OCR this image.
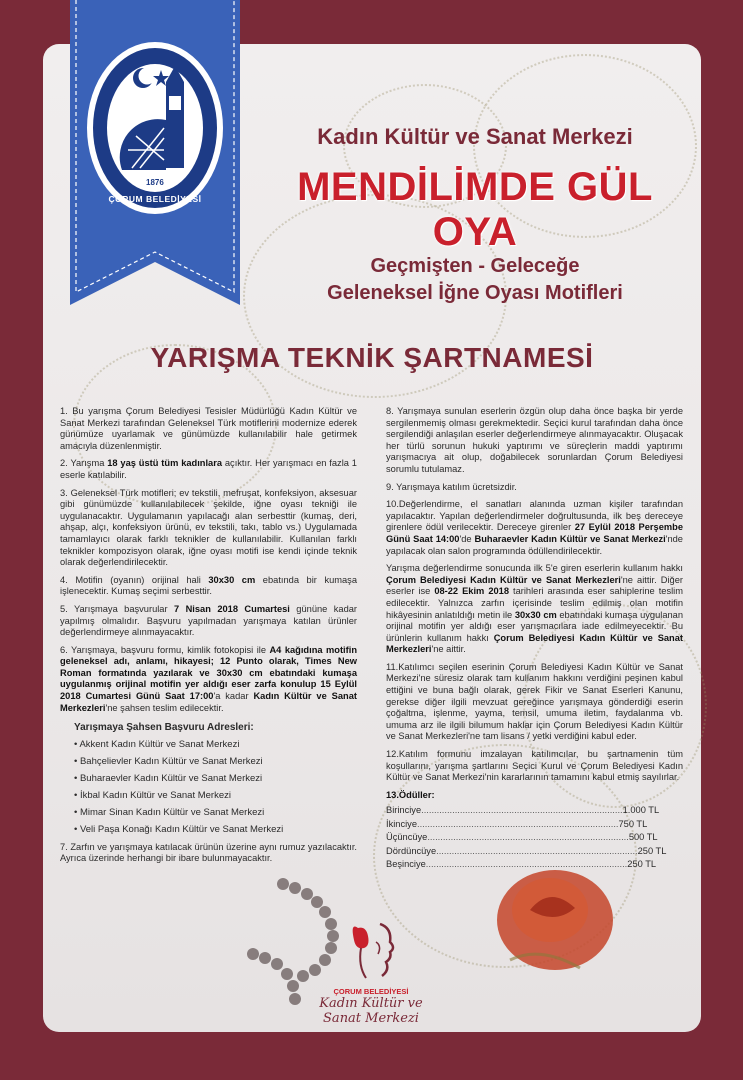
1876
ÇORUM BELEDİYESİ
Kadın Kültür ve Sanat Merkezi
MENDİLİMDE GÜL OYA
Geçmişten - Geleceğe
Geleneksel İğne Oyası Motifleri
YARIŞMA TEKNİK ŞARTNAMESİ

1. Bu yarışma Çorum Belediyesi Tesisler Müdürlüğü Kadın Kültür ve Sanat Merkezi tarafından Geleneksel Türk motiflerini modernize ederek günümüze uyarlamak ve günümüzde kullanılabilir hale getirmek amacıyla düzenlenmiştir.

2. Yarışma 18 yaş üstü tüm kadınlara açıktır. Her yarışmacı en fazla 1 eserle katılabilir.

3. Geleneksel Türk motifleri; ev tekstili, mefruşat, konfeksiyon, aksesuar gibi günümüzde kullanılabilecek şekilde, iğne oyası tekniği ile uygulanacaktır. Uygulamanın yapılacağı alan serbesttir (kumaş, deri, ahşap, alçı, konfeksiyon ürünü, ev tekstili, takı, tablo vs.) Uygulamada tamamlayıcı olarak farklı teknikler de kullanılabilir. Kullanılan farklı teknikler kompozisyon olarak, iğne oyası motifi ise kendi içinde teknik olarak değerlendirilecektir.

4. Motifin (oyanın) orijinal hali 30x30 cm ebatında bir kumaşa işlenecektir. Kumaş seçimi serbesttir.

5. Yarışmaya başvurular 7 Nisan 2018 Cumartesi gününe kadar yapılmış olmalıdır. Başvuru yapılmadan yarışmaya katılan ürünler değerlendirmeye alınmayacaktır.

6. Yarışmaya, başvuru formu, kimlik fotokopisi ile A4 kağıdına motifin geleneksel adı, anlamı, hikayesi; 12 Punto olarak, Times New Roman formatında yazılarak ve 30x30 cm ebatındaki kumaşa uygulanmış orijinal motifin yer aldığı eser zarfa konulup 15 Eylül 2018 Cumartesi Günü Saat 17:00'a kadar Kadın Kültür ve Sanat Merkezleri'ne şahsen teslim edilecektir.

Yarışmaya Şahsen Başvuru Adresleri:
• Akkent Kadın Kültür ve Sanat Merkezi
• Bahçelievler Kadın Kültür ve Sanat Merkezi
• Buharaevler Kadın Kültür ve Sanat Merkezi
• İkbal Kadın Kültür ve Sanat Merkezi
• Mimar Sinan Kadın Kültür ve Sanat Merkezi
• Veli Paşa Konağı Kadın Kültür ve Sanat Merkezi

7. Zarfın ve yarışmaya katılacak ürünün üzerine aynı rumuz yazılacaktır. Ayrıca üzerinde herhangi bir ibare bulunmayacaktır.

8. Yarışmaya sunulan eserlerin özgün olup daha önce başka bir yerde sergilenmemiş olması gerekmektedir. Seçici kurul tarafından daha önce sergilendiği anlaşılan eserler değerlendirmeye alınmayacaktır. Oluşacak her türlü sorunun hukuki yaptırımı ve süreçlerin maddi yaptırımı yarışmacıya ait olup, doğabilecek sorunlardan Çorum Belediyesi sorumlu tutulamaz.

9. Yarışmaya katılım ücretsizdir.

10.Değerlendirme, el sanatları alanında uzman kişiler tarafından yapılacaktır. Yapılan değerlendirmeler doğrultusunda, ilk beş dereceye girenlere ödül verilecektir. Dereceye girenler 27 Eylül 2018 Perşembe Günü Saat 14:00'de Buharaevler Kadın Kültür ve Sanat Merkezi'nde yapılacak olan salon programında ödüllendirilecektir.

Yarışma değerlendirme sonucunda ilk 5'e giren eserlerin kullanım hakkı Çorum Belediyesi Kadın Kültür ve Sanat Merkezleri'ne aittir. Diğer eserler ise 08-22 Ekim 2018 tarihleri arasında eser sahiplerine teslim edilecektir. Yalnızca zarfın içerisinde teslim edilmiş olan motifin hikâyesinin anlatıldığı metin ile 30x30 cm ebatındaki kumaşa uygulanan orijinal motifin yer aldığı eser yarışmacılara iade edilmeyecektir. Bu ürünlerin kullanım hakkı Çorum Belediyesi Kadın Kültür ve Sanat Merkezleri'ne aittir.

11.Katılımcı seçilen eserinin Çorum Belediyesi Kadın Kültür ve Sanat Merkezi'ne süresiz olarak tam kullanım hakkını verdiğini peşinen kabul ettiğini ve buna bağlı olarak, gerek Fikir ve Sanat Eserleri Kanunu, gerekse diğer ilgili mevzuat gereğince yarışmaya gönderdiği eserin çoğaltma, işlenme, yayma, temsil, umuma iletim, faydalanma vb. umuma arz ile ilgili bilumum haklar için Çorum Belediyesi Kadın Kültür ve Sanat Merkezleri'ne tam lisans / yetki verdiğini kabul eder.

12.Katılım formunu imzalayan katılımcılar, bu şartnamenin tüm koşullarını, yarışma şartlarını Seçici Kurul ve Çorum Belediyesi Kadın Kültür ve Sanat Merkezi'nin kararlarının tamamını kabul etmiş sayılırlar.

13.Ödüller:

Birinciye .............................................................................. 1.000 TL
İkinciye .............................................................................. 750 TL
Üçüncüye .............................................................................. 500 TL
Dördüncüye .............................................................................. 250 TL
Beşinciye .............................................................................. 250 TL
ÇORUM BELEDİYESİ
Kadın Kültür ve
Sanat Merkezi
